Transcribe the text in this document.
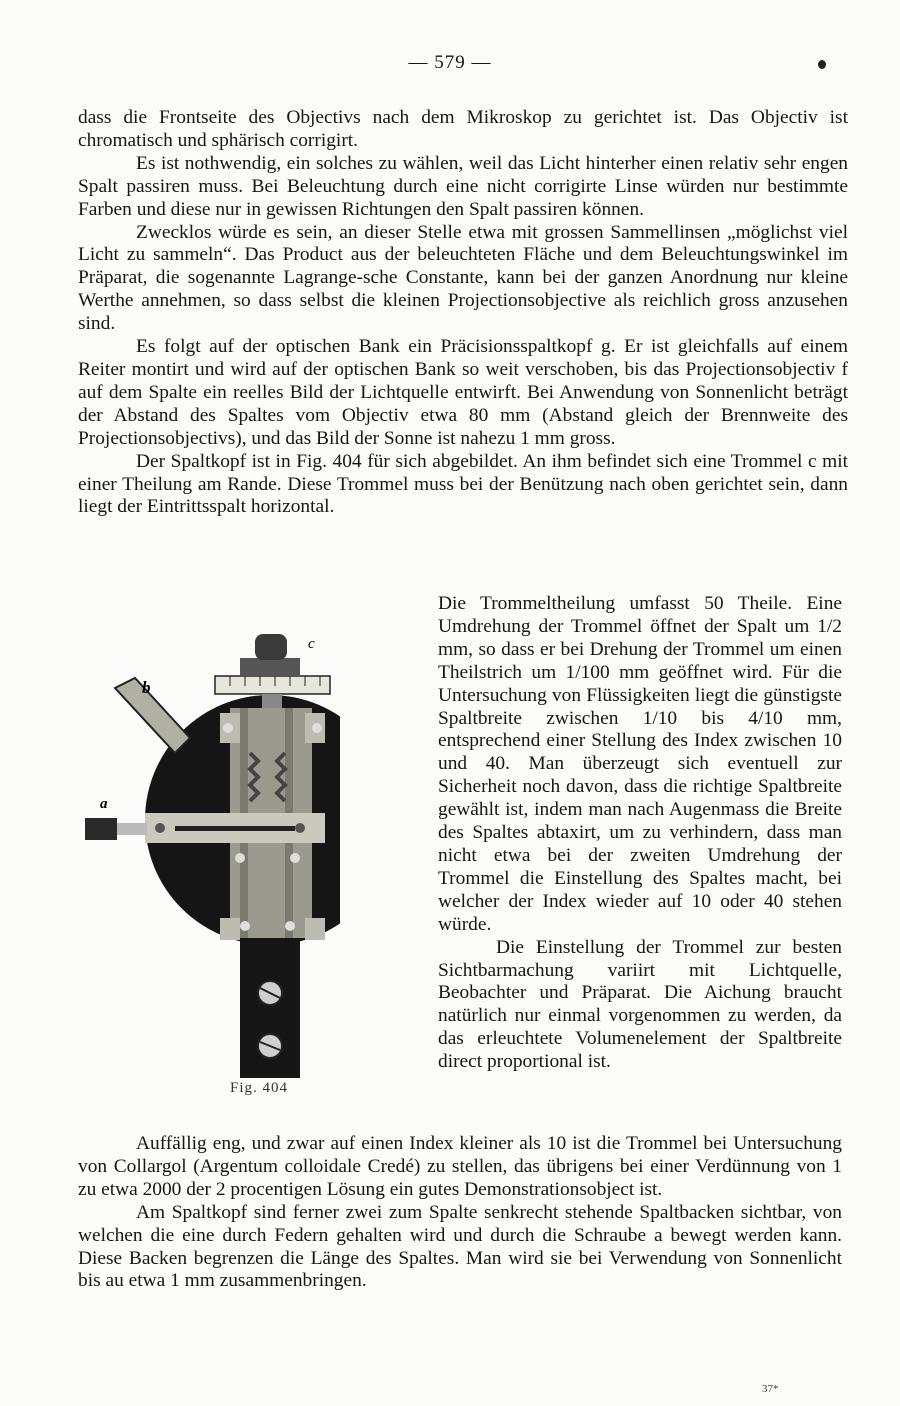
— 579 —

dass die Frontseite des Objectivs nach dem Mikroskop zu gerichtet ist. Das Objectiv ist chromatisch und sphärisch corrigirt.

Es ist nothwendig, ein solches zu wählen, weil das Licht hinterher einen relativ sehr engen Spalt passiren muss. Bei Beleuchtung durch eine nicht corrigirte Linse würden nur bestimmte Farben und diese nur in gewissen Richtungen den Spalt passiren können.

Zwecklos würde es sein, an dieser Stelle etwa mit grossen Sammellinsen „möglichst viel Licht zu sammeln“. Das Product aus der beleuchteten Fläche und dem Beleuchtungswinkel im Präparat, die sogenannte Lagrange-sche Constante, kann bei der ganzen Anordnung nur kleine Werthe annehmen, so dass selbst die kleinen Projectionsobjective als reichlich gross anzusehen sind.

Es folgt auf der optischen Bank ein Präcisionsspaltkopf g. Er ist gleichfalls auf einem Reiter montirt und wird auf der optischen Bank so weit verschoben, bis das Projectionsobjectiv f auf dem Spalte ein reelles Bild der Lichtquelle entwirft. Bei Anwendung von Sonnenlicht beträgt der Abstand des Spaltes vom Objectiv etwa 80 mm (Abstand gleich der Brennweite des Projectionsobjectivs), und das Bild der Sonne ist nahezu 1 mm gross.

Der Spaltkopf ist in Fig. 404 für sich abgebildet. An ihm befindet sich eine Trommel c mit einer Theilung am Rande. Diese Trommel muss bei der Benützung nach oben gerichtet sein, dann liegt der Eintrittsspalt horizontal.

c
b
a
Fig. 404

Die Trommeltheilung umfasst 50 Theile. Eine Umdrehung der Trommel öffnet der Spalt um 1/2 mm, so dass er bei Drehung der Trommel um einen Theilstrich um 1/100 mm geöffnet wird. Für die Untersuchung von Flüssigkeiten liegt die günstigste Spaltbreite zwischen 1/10 bis 4/10 mm, entsprechend einer Stellung des Index zwischen 10 und 40. Man überzeugt sich eventuell zur Sicherheit noch davon, dass die richtige Spaltbreite gewählt ist, indem man nach Augenmass die Breite des Spaltes abtaxirt, um zu verhindern, dass man nicht etwa bei der zweiten Umdrehung der Trommel die Einstellung des Spaltes macht, bei welcher der Index wieder auf 10 oder 40 stehen würde.

Die Einstellung der Trommel zur besten Sichtbarmachung variirt mit Lichtquelle, Beobachter und Präparat. Die Aichung braucht natürlich nur einmal vorgenommen zu werden, da das erleuchtete Volumenelement der Spaltbreite direct proportional ist.

Auffällig eng, und zwar auf einen Index kleiner als 10 ist die Trommel bei Untersuchung von Collargol (Argentum colloidale Credé) zu stellen, das übrigens bei einer Verdünnung von 1 zu etwa 2000 der 2 procentigen Lösung ein gutes Demonstrationsobject ist.

Am Spaltkopf sind ferner zwei zum Spalte senkrecht stehende Spaltbacken sichtbar, von welchen die eine durch Federn gehalten wird und durch die Schraube a bewegt werden kann. Diese Backen begrenzen die Länge des Spaltes. Man wird sie bei Verwendung von Sonnenlicht bis au etwa 1 mm zusammenbringen.

37*
